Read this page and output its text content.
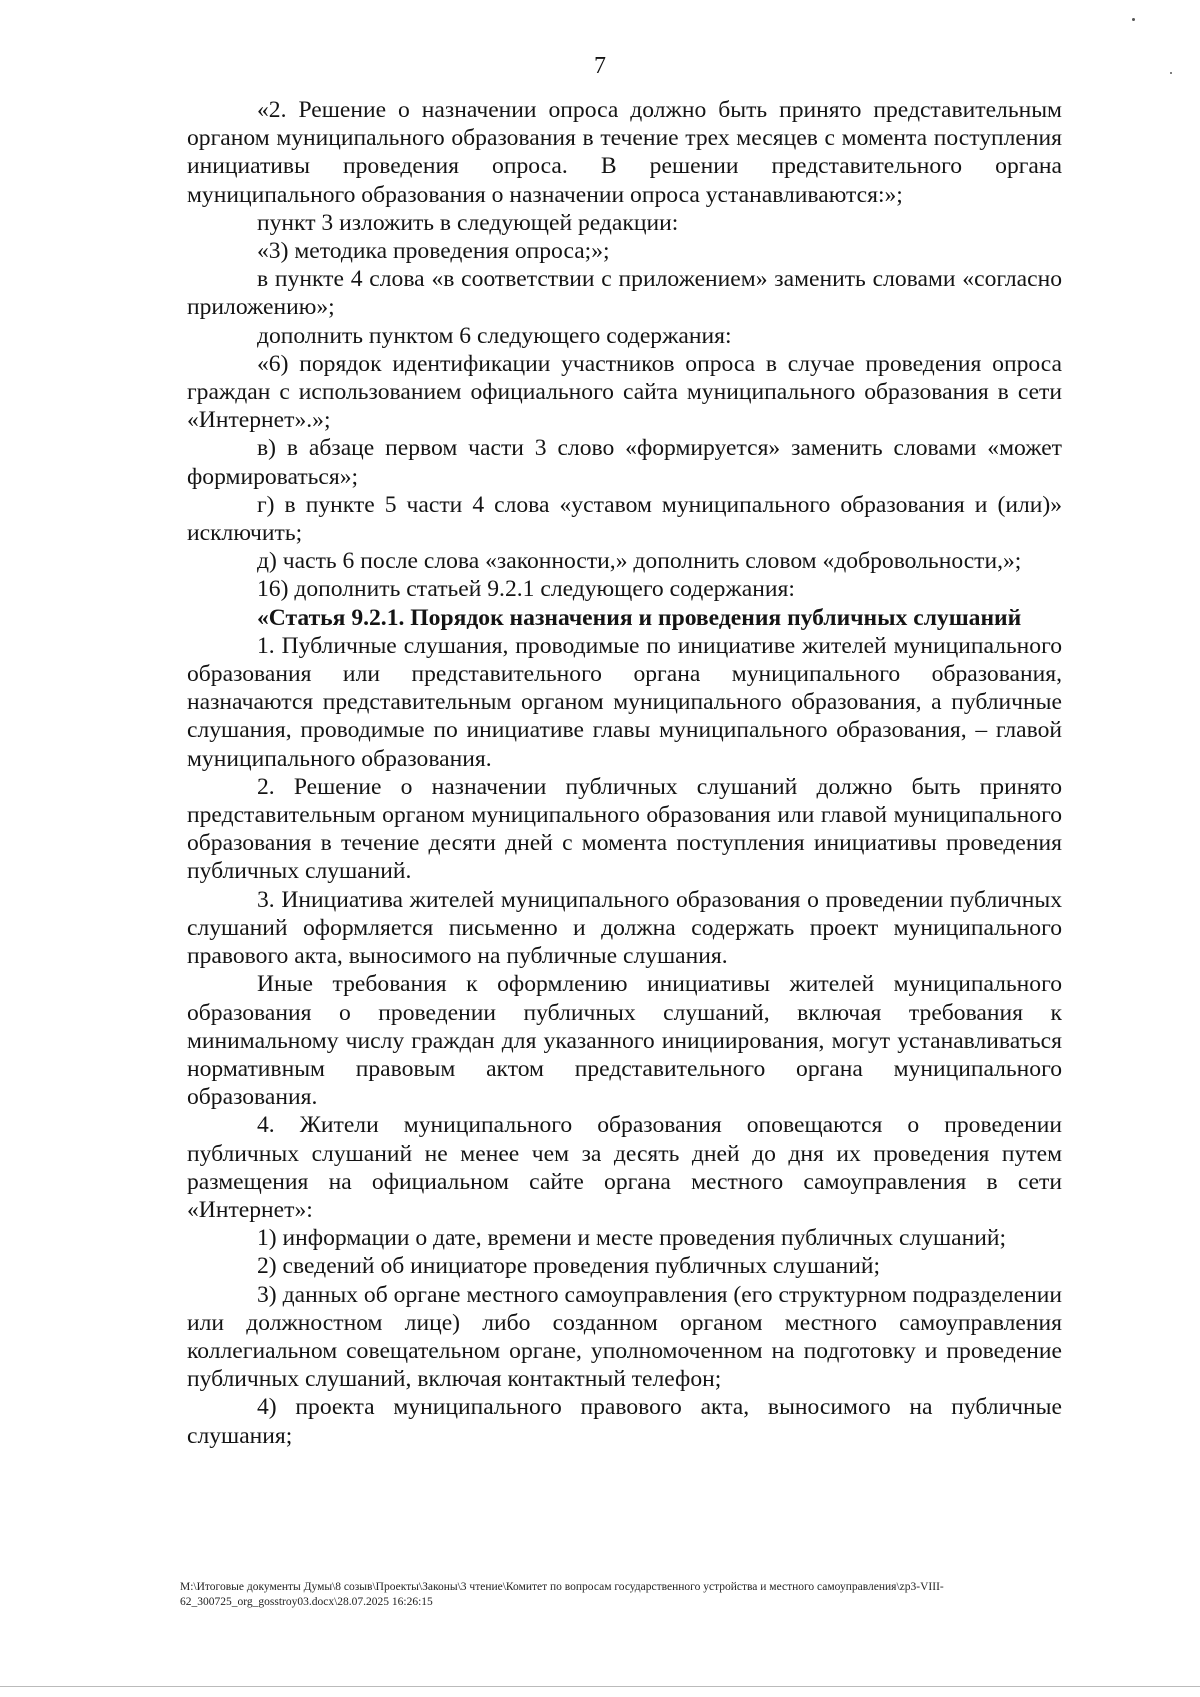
7

«2. Решение о назначении опроса должно быть принято представительным органом муниципального образования в течение трех месяцев с момента поступления инициативы проведения опроса. В решении представительного органа муниципального образования о назначении опроса устанавливаются:»;

пункт 3 изложить в следующей редакции:

«3) методика проведения опроса;»;

в пункте 4 слова «в соответствии с приложением» заменить словами «согласно приложению»;

дополнить пунктом 6 следующего содержания:

«6) порядок идентификации участников опроса в случае проведения опроса граждан с использованием официального сайта муниципального образования в сети «Интернет».»;

в) в абзаце первом части 3 слово «формируется» заменить словами «может формироваться»;

г) в пункте 5 части 4 слова «уставом муниципального образования и (или)» исключить;

д) часть 6 после слова «законности,» дополнить словом «добровольности,»;

16) дополнить статьей 9.2.1 следующего содержания:

«Статья 9.2.1. Порядок назначения и проведения публичных слушаний

1. Публичные слушания, проводимые по инициативе жителей муниципального образования или представительного органа муниципального образования, назначаются представительным органом муниципального образования, а публичные слушания, проводимые по инициативе главы муниципального образования, – главой муниципального образования.

2. Решение о назначении публичных слушаний должно быть принято представительным органом муниципального образования или главой муниципального образования в течение десяти дней с момента поступления инициативы проведения публичных слушаний.

3. Инициатива жителей муниципального образования о проведении публичных слушаний оформляется письменно и должна содержать проект муниципального правового акта, выносимого на публичные слушания.

Иные требования к оформлению инициативы жителей муниципального образования о проведении публичных слушаний, включая требования к минимальному числу граждан для указанного инициирования, могут устанавливаться нормативным правовым актом представительного органа муниципального образования.

4. Жители муниципального образования оповещаются о проведении публичных слушаний не менее чем за десять дней до дня их проведения путем размещения на официальном сайте органа местного самоуправления в сети «Интернет»:

1) информации о дате, времени и месте проведения публичных слушаний;

2) сведений об инициаторе проведения публичных слушаний;

3) данных об органе местного самоуправления (его структурном подразделении или должностном лице) либо созданном органом местного самоуправления коллегиальном совещательном органе, уполномоченном на подготовку и проведение публичных слушаний, включая контактный телефон;

4) проекта муниципального правового акта, выносимого на публичные слушания;

M:\Итоговые документы Думы\8 созыв\Проекты\Законы\3 чтение\Комитет по вопросам государственного устройства и местного самоуправления\zp3-VIII-62_300725_org_gosstroy03.docx\28.07.2025 16:26:15
